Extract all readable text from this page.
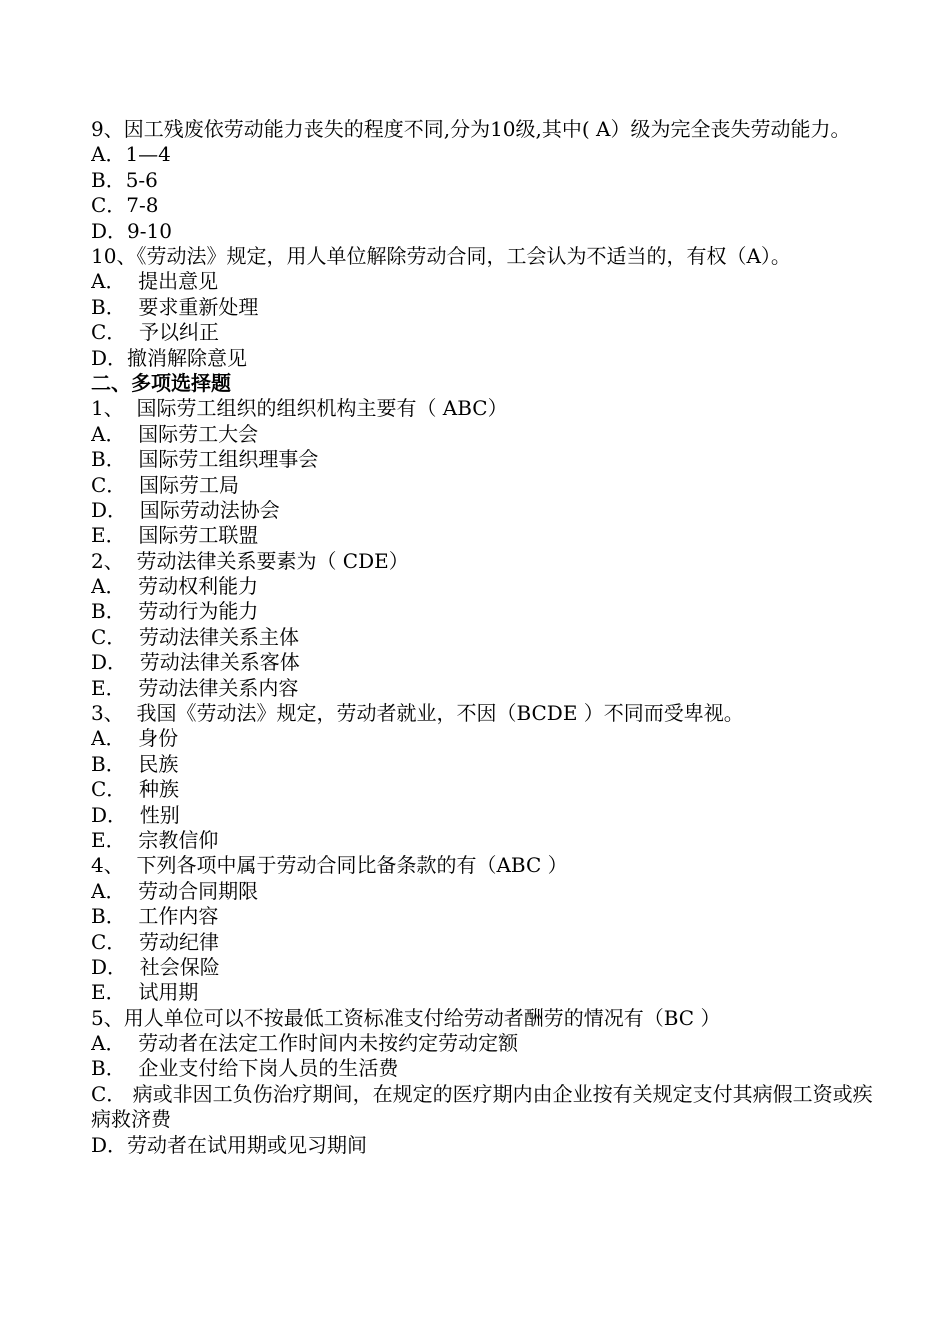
9、因工残废依劳动能力丧失的程度不同,分为10级,其中( A）级为完全丧失劳动能力。
A．1—4
B．5-6
C．7-8
D．9-10
10、《劳动法》规定，用人单位解除劳动合同，工会认为不适当的，有权（A）。
A．  提出意见
B．  要求重新处理
C．  予以纠正
D．撤消解除意见
二、多项选择题
1、  国际劳工组织的组织机构主要有（ ABC）
A．  国际劳工大会
B．  国际劳工组织理事会
C．  国际劳工局
D．  国际劳动法协会
E．  国际劳工联盟
2、  劳动法律关系要素为（ CDE）
A．  劳动权利能力
B．  劳动行为能力
C．  劳动法律关系主体
D．  劳动法律关系客体
E．  劳动法律关系内容
3、  我国《劳动法》规定，劳动者就业，不因（BCDE ）不同而受卑视。
A．  身份
B．  民族
C．  种族
D．  性别
E．  宗教信仰
4、  下列各项中属于劳动合同比备条款的有（ABC ）
A．  劳动合同期限
B．  工作内容
C．  劳动纪律
D．  社会保险
E．  试用期
5、用人单位可以不按最低工资标准支付给劳动者酬劳的情况有（BC ）
A．  劳动者在法定工作时间内未按约定劳动定额
B．  企业支付给下岗人员的生活费
C． 病或非因工负伤治疗期间，在规定的医疗期内由企业按有关规定支付其病假工资或疾病救济费
D．劳动者在试用期或见习期间
